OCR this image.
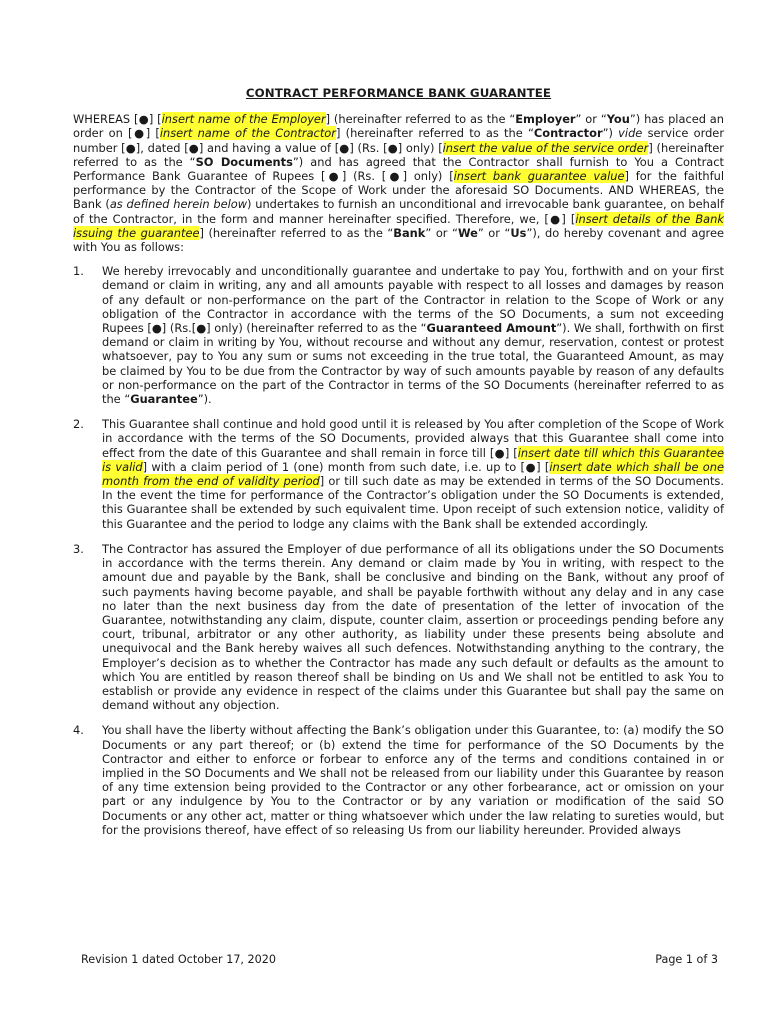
CONTRACT PERFORMANCE BANK GUARANTEE

WHEREAS [●] [insert name of the Employer] (hereinafter referred to as the “Employer” or “You”) has placed an order on [●] [insert name of the Contractor] (hereinafter referred to as the “Contractor”) vide service order number [●], dated [●] and having a value of [●] (Rs. [●] only) [insert the value of the service order] (hereinafter referred to as the “SO Documents”) and has agreed that the Contractor shall furnish to You a Contract Performance Bank Guarantee of Rupees [●] (Rs. [●] only) [insert bank guarantee value] for the faithful performance by the Contractor of the Scope of Work under the aforesaid SO Documents. AND WHEREAS, the Bank (as defined herein below) undertakes to furnish an unconditional and irrevocable bank guarantee, on behalf of the Contractor, in the form and manner hereinafter specified. Therefore, we, [●] [insert details of the Bank issuing the guarantee] (hereinafter referred to as the “Bank” or “We” or “Us”), do hereby covenant and agree with You as follows:

1. We hereby irrevocably and unconditionally guarantee and undertake to pay You, forthwith and on your first demand or claim in writing, any and all amounts payable with respect to all losses and damages by reason of any default or non-performance on the part of the Contractor in relation to the Scope of Work or any obligation of the Contractor in accordance with the terms of the SO Documents, a sum not exceeding Rupees [●] (Rs.[●] only) (hereinafter referred to as the “Guaranteed Amount”). We shall, forthwith on first demand or claim in writing by You, without recourse and without any demur, reservation, contest or protest whatsoever, pay to You any sum or sums not exceeding in the true total, the Guaranteed Amount, as may be claimed by You to be due from the Contractor by way of such amounts payable by reason of any defaults or non-performance on the part of the Contractor in terms of the SO Documents (hereinafter referred to as the “Guarantee”).
2. This Guarantee shall continue and hold good until it is released by You after completion of the Scope of Work in accordance with the terms of the SO Documents, provided always that this Guarantee shall come into effect from the date of this Guarantee and shall remain in force till [●] [insert date till which this Guarantee is valid] with a claim period of 1 (one) month from such date, i.e. up to [●] [insert date which shall be one month from the end of validity period] or till such date as may be extended in terms of the SO Documents. In the event the time for performance of the Contractor’s obligation under the SO Documents is extended, this Guarantee shall be extended by such equivalent time. Upon receipt of such extension notice, validity of this Guarantee and the period to lodge any claims with the Bank shall be extended accordingly.
3. The Contractor has assured the Employer of due performance of all its obligations under the SO Documents in accordance with the terms therein. Any demand or claim made by You in writing, with respect to the amount due and payable by the Bank, shall be conclusive and binding on the Bank, without any proof of such payments having become payable, and shall be payable forthwith without any delay and in any case no later than the next business day from the date of presentation of the letter of invocation of the Guarantee, notwithstanding any claim, dispute, counter claim, assertion or proceedings pending before any court, tribunal, arbitrator or any other authority, as liability under these presents being absolute and unequivocal and the Bank hereby waives all such defences. Notwithstanding anything to the contrary, the Employer’s decision as to whether the Contractor has made any such default or defaults as the amount to which You are entitled by reason thereof shall be binding on Us and We shall not be entitled to ask You to establish or provide any evidence in respect of the claims under this Guarantee but shall pay the same on demand without any objection.
4. You shall have the liberty without affecting the Bank’s obligation under this Guarantee, to: (a) modify the SO Documents or any part thereof; or (b) extend the time for performance of the SO Documents by the Contractor and either to enforce or forbear to enforce any of the terms and conditions contained in or implied in the SO Documents and We shall not be released from our liability under this Guarantee by reason of any time extension being provided to the Contractor or any other forbearance, act or omission on your part or any indulgence by You to the Contractor or by any variation or modification of the said SO Documents or any other act, matter or thing whatsoever which under the law relating to sureties would, but for the provisions thereof, have effect of so releasing Us from our liability hereunder. Provided always
Revision 1 dated October 17, 2020	Page 1 of 3
